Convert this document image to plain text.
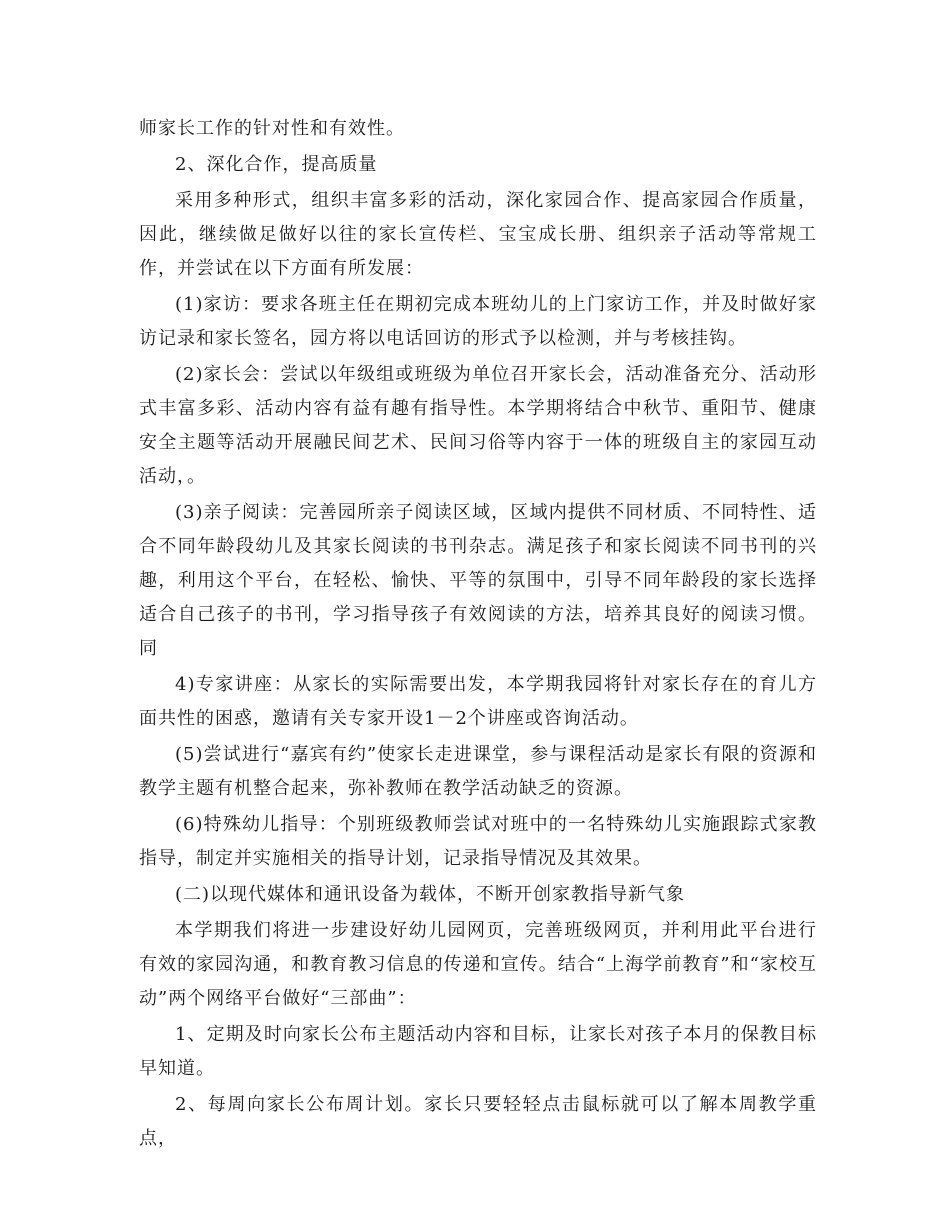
师家长工作的针对性和有效性。

2、深化合作，提高质量

采用多种形式，组织丰富多彩的活动，深化家园合作、提高家园合作质量，因此，继续做足做好以往的家长宣传栏、宝宝成长册、组织亲子活动等常规工作，并尝试在以下方面有所发展：

(1)家访：要求各班主任在期初完成本班幼儿的上门家访工作，并及时做好家访记录和家长签名，园方将以电话回访的形式予以检测，并与考核挂钩。

(2)家长会：尝试以年级组或班级为单位召开家长会，活动准备充分、活动形式丰富多彩、活动内容有益有趣有指导性。本学期将结合中秋节、重阳节、健康安全主题等活动开展融民间艺术、民间习俗等内容于一体的班级自主的家园互动活动，。

(3)亲子阅读：完善园所亲子阅读区域，区域内提供不同材质、不同特性、适合不同年龄段幼儿及其家长阅读的书刊杂志。满足孩子和家长阅读不同书刊的兴趣，利用这个平台，在轻松、愉快、平等的氛围中，引导不同年龄段的家长选择适合自己孩子的书刊，学习指导孩子有效阅读的方法，培养其良好的阅读习惯。同

4)专家讲座：从家长的实际需要出发，本学期我园将针对家长存在的育儿方面共性的困惑，邀请有关专家开设1－2个讲座或咨询活动。

(5)尝试进行“嘉宾有约”使家长走进课堂，参与课程活动是家长有限的资源和教学主题有机整合起来，弥补教师在教学活动缺乏的资源。

(6)特殊幼儿指导：个别班级教师尝试对班中的一名特殊幼儿实施跟踪式家教指导，制定并实施相关的指导计划，记录指导情况及其效果。

(二)以现代媒体和通讯设备为载体，不断开创家教指导新气象

本学期我们将进一步建设好幼儿园网页，完善班级网页，并利用此平台进行有效的家园沟通，和教育教习信息的传递和宣传。结合“上海学前教育”和“家校互动”两个网络平台做好“三部曲”：

1、定期及时向家长公布主题活动内容和目标，让家长对孩子本月的保教目标早知道。

2、每周向家长公布周计划。家长只要轻轻点击鼠标就可以了解本周教学重点，
